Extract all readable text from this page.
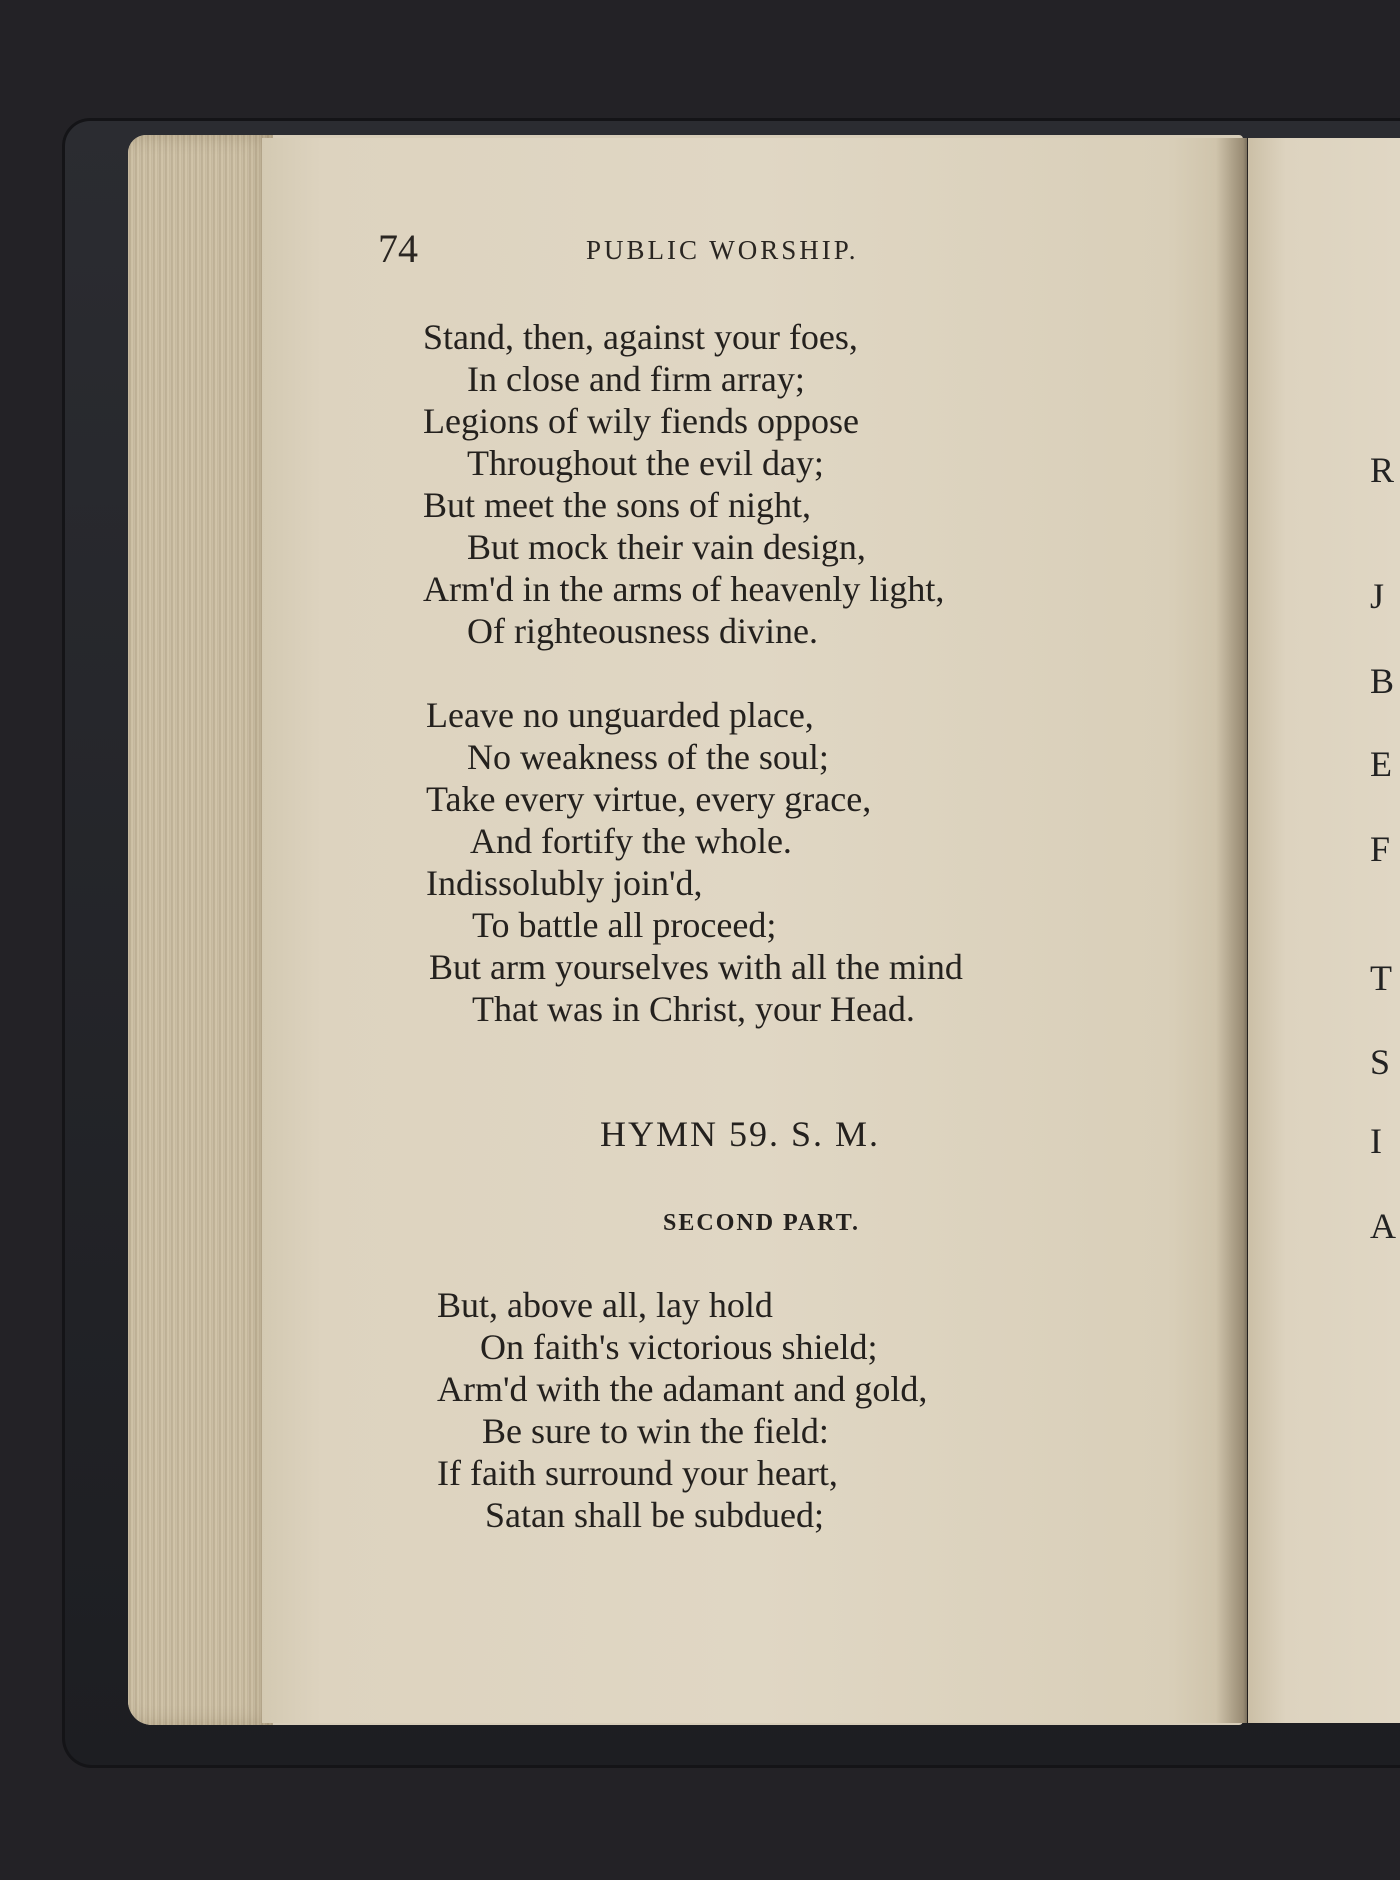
R
J
B
E
F
T
S
I
A
74	PUBLIC WORSHIP.
Stand, then, against your foes,
In close and firm array;
Legions of wily fiends oppose
Throughout the evil day;
But meet the sons of night,
But mock their vain design,
Arm'd in the arms of heavenly light,
Of righteousness divine.
Leave no unguarded place,
No weakness of the soul;
Take every virtue, every grace,
And fortify the whole.
Indissolubly join'd,
To battle all proceed;
But arm yourselves with all the mind
That was in Christ, your Head.
HYMN 59. S. M.
SECOND PART.
But, above all, lay hold
On faith's victorious shield;
Arm'd with the adamant and gold,
Be sure to win the field:
If faith surround your heart,
Satan shall be subdued;
